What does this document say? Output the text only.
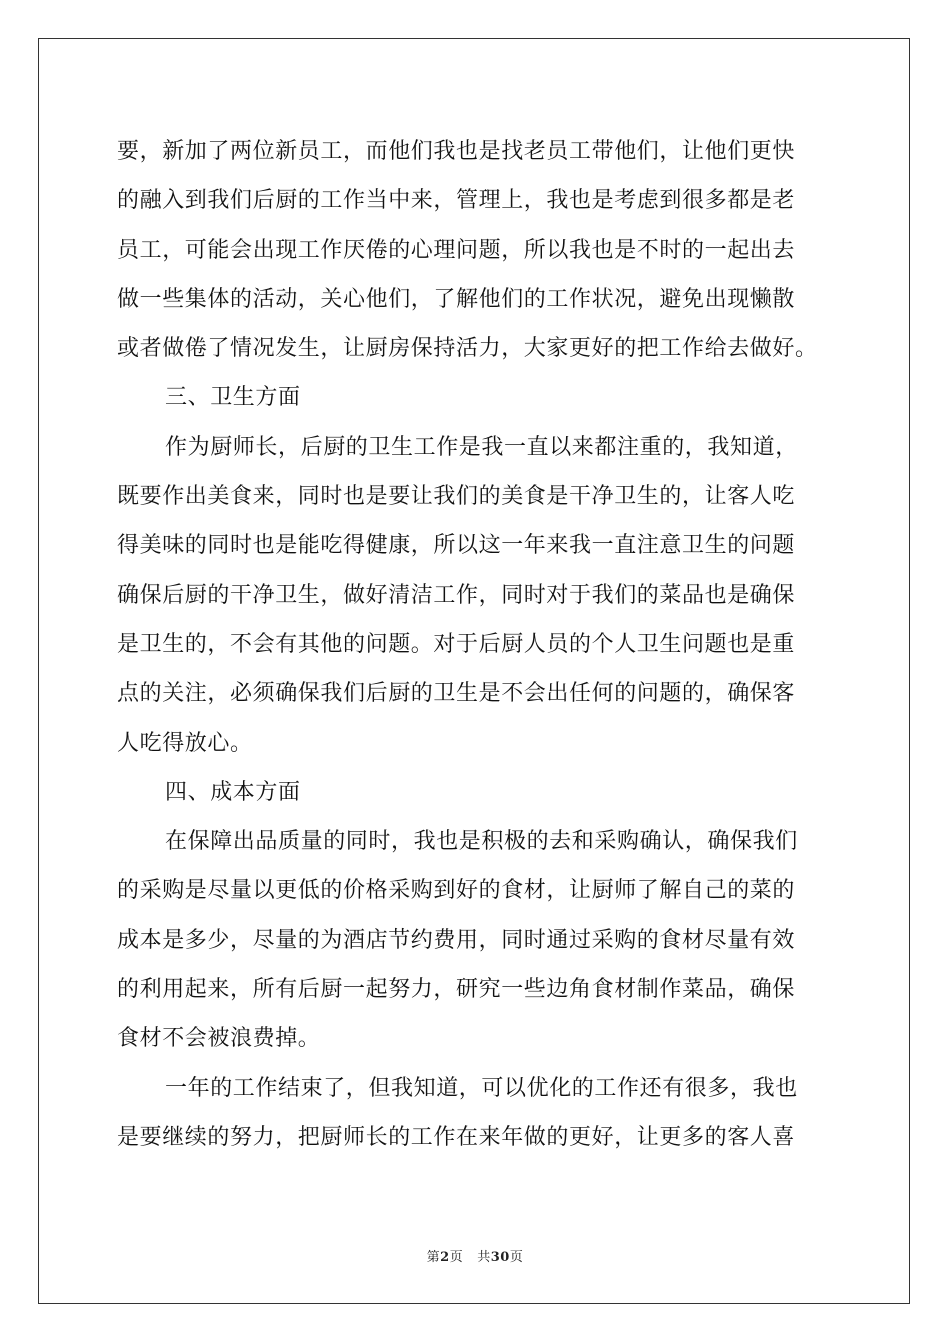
要，新加了两位新员工，而他们我也是找老员工带他们，让他们更快

的融入到我们后厨的工作当中来，管理上，我也是考虑到很多都是老

员工，可能会出现工作厌倦的心理问题，所以我也是不时的一起出去

做一些集体的活动，关心他们，了解他们的工作状况，避免出现懒散

或者做倦了情况发生，让厨房保持活力，大家更好的把工作给去做好。

三、卫生方面

作为厨师长，后厨的卫生工作是我一直以来都注重的，我知道，

既要作出美食来，同时也是要让我们的美食是干净卫生的，让客人吃

得美味的同时也是能吃得健康，所以这一年来我一直注意卫生的问题

确保后厨的干净卫生，做好清洁工作，同时对于我们的菜品也是确保

是卫生的，不会有其他的问题。对于后厨人员的个人卫生问题也是重

点的关注，必须确保我们后厨的卫生是不会出任何的问题的，确保客

人吃得放心。

四、成本方面

在保障出品质量的同时，我也是积极的去和采购确认，确保我们

的采购是尽量以更低的价格采购到好的食材，让厨师了解自己的菜的

成本是多少，尽量的为酒店节约费用，同时通过采购的食材尽量有效

的利用起来，所有后厨一起努力，研究一些边角食材制作菜品，确保

食材不会被浪费掉。

一年的工作结束了，但我知道，可以优化的工作还有很多，我也

是要继续的努力，把厨师长的工作在来年做的更好，让更多的客人喜

第2页 共30页
